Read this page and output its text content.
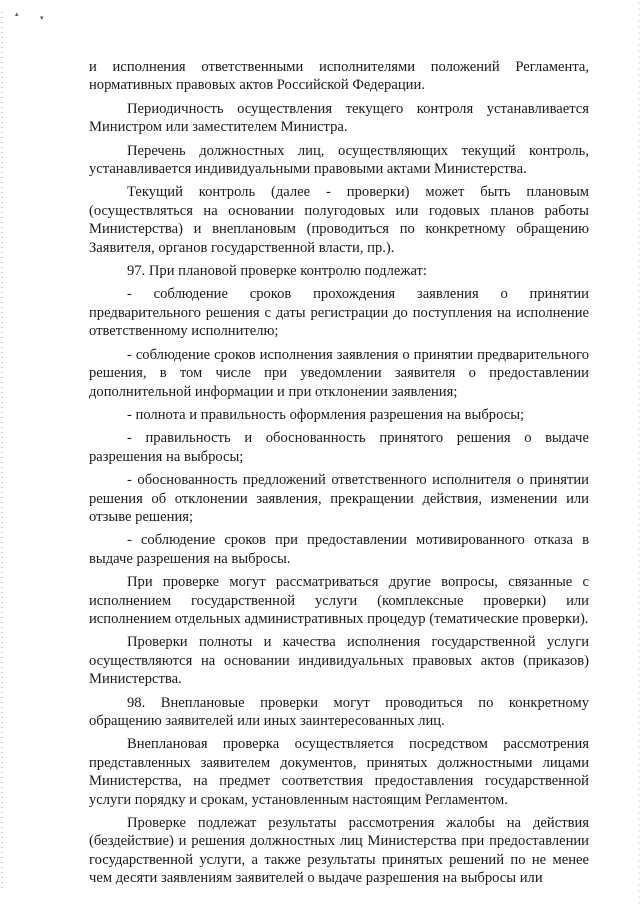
▴	▾

и исполнения ответственными исполнителями положений Регламента, нормативных правовых актов Российской Федерации.

Периодичность осуществления текущего контроля устанавливается Министром или заместителем Министра.

Перечень должностных лиц, осуществляющих текущий контроль, устанавливается индивидуальными правовыми актами Министерства.

Текущий контроль (далее - проверки) может быть плановым (осуществляться на основании полугодовых или годовых планов работы Министерства) и внеплановым (проводиться по конкретному обращению Заявителя, органов государственной власти, пр.).

97. При плановой проверке контролю подлежат:

- соблюдение сроков прохождения заявления о принятии предварительного решения с даты регистрации до поступления на исполнение ответственному исполнителю;

- соблюдение сроков исполнения заявления о принятии предварительного решения, в том числе при уведомлении заявителя о предоставлении дополнительной информации и при отклонении заявления;

- полнота и правильность оформления разрешения на выбросы;

- правильность и обоснованность принятого решения о выдаче разрешения на выбросы;

- обоснованность предложений ответственного исполнителя о принятии решения об отклонении заявления, прекращении действия, изменении или отзыве решения;

- соблюдение сроков при предоставлении мотивированного отказа в выдаче разрешения на выбросы.

При проверке могут рассматриваться другие вопросы, связанные с исполнением государственной услуги (комплексные проверки) или исполнением отдельных административных процедур (тематические проверки).

Проверки полноты и качества исполнения государственной услуги осуществляются на основании индивидуальных правовых актов (приказов) Министерства.

98. Внеплановые проверки могут проводиться по конкретному обращению заявителей или иных заинтересованных лиц.

Внеплановая проверка осуществляется посредством рассмотрения представленных заявителем документов, принятых должностными лицами Министерства, на предмет соответствия предоставления государственной услуги порядку и срокам, установленным настоящим Регламентом.

Проверке подлежат результаты рассмотрения жалобы на действия (бездействие) и решения должностных лиц Министерства при предоставлении государственной услуги, а также результаты принятых решений по не менее чем десяти заявлениям заявителей о выдаче разрешения на выбросы или
